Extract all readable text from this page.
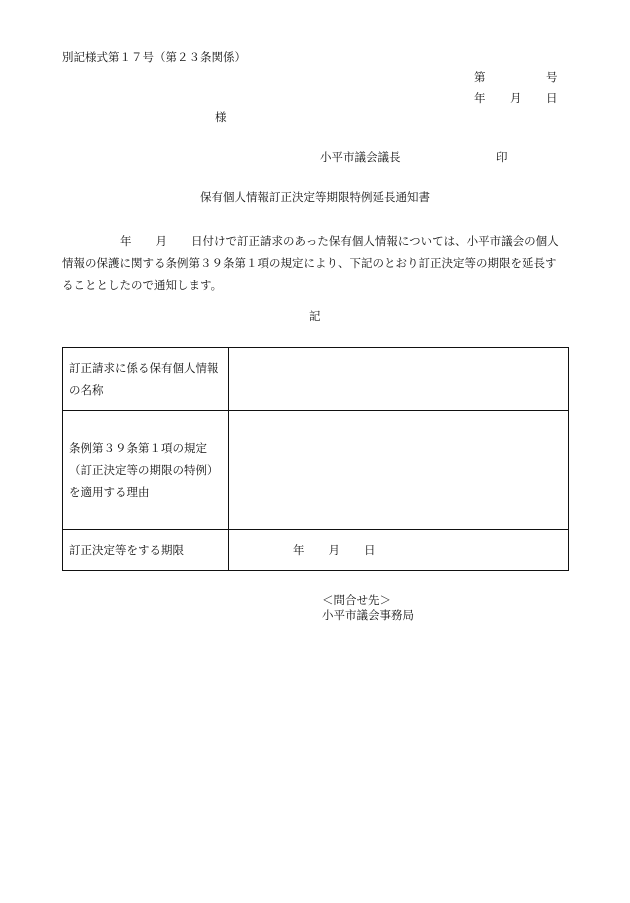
別記様式第１７号（第２３条関係）
第	号
年 月 日
様
小平市議会議長	印
保有個人情報訂正決定等期限特例延長通知書
年 月 日付けで訂正請求のあった保有個人情報については、小平市議会の個人
情報の保護に関する条例第３９条第１項の規定により、下記のとおり訂正決定等の期限を延長す
ることとしたので通知します。
記
訂正請求に係る保有個人情報
の名称	

条例第３９条第１項の規定
（訂正決定等の期限の特例）
を適用する理由	

訂正決定等をする期限	年 月 日
＜問合せ先＞
小平市議会事務局
